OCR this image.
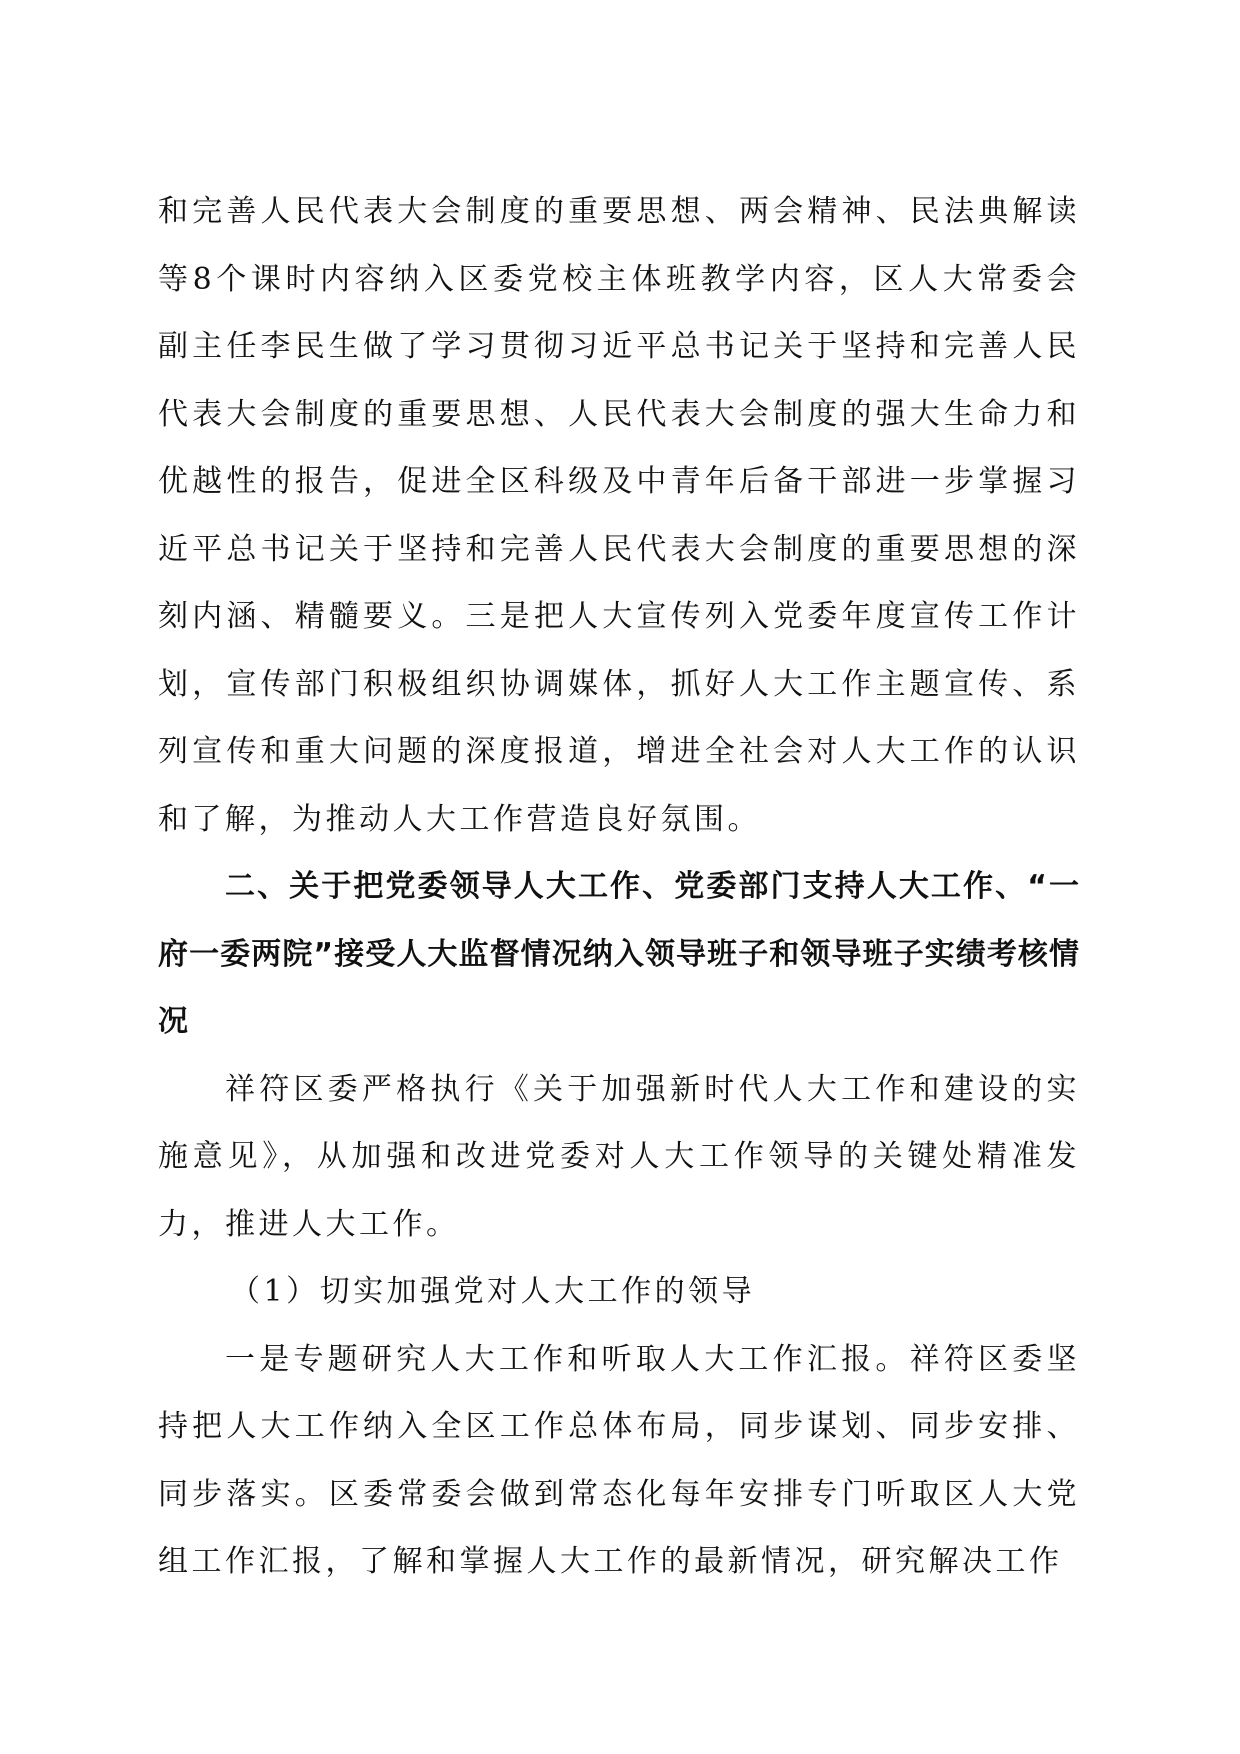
和完善人民代表大会制度的重要思想、两会精神、民法典解读等8个课时内容纳入区委党校主体班教学内容，区人大常委会副主任李民生做了学习贯彻习近平总书记关于坚持和完善人民代表大会制度的重要思想、人民代表大会制度的强大生命力和优越性的报告，促进全区科级及中青年后备干部进一步掌握习近平总书记关于坚持和完善人民代表大会制度的重要思想的深刻内涵、精髓要义。三是把人大宣传列入党委年度宣传工作计划，宣传部门积极组织协调媒体，抓好人大工作主题宣传、系列宣传和重大问题的深度报道，增进全社会对人大工作的认识和了解，为推动人大工作营造良好氛围。

二、关于把党委领导人大工作、党委部门支持人大工作、“一府一委两院”接受人大监督情况纳入领导班子和领导班子实绩考核情况

祥符区委严格执行《关于加强新时代人大工作和建设的实施意见》，从加强和改进党委对人大工作领导的关键处精准发力，推进人大工作。

（1）切实加强党对人大工作的领导

一是专题研究人大工作和听取人大工作汇报。祥符区委坚持把人大工作纳入全区工作总体布局，同步谋划、同步安排、同步落实。区委常委会做到常态化每年安排专门听取区人大党组工作汇报，了解和掌握人大工作的最新情况，研究解决工作
